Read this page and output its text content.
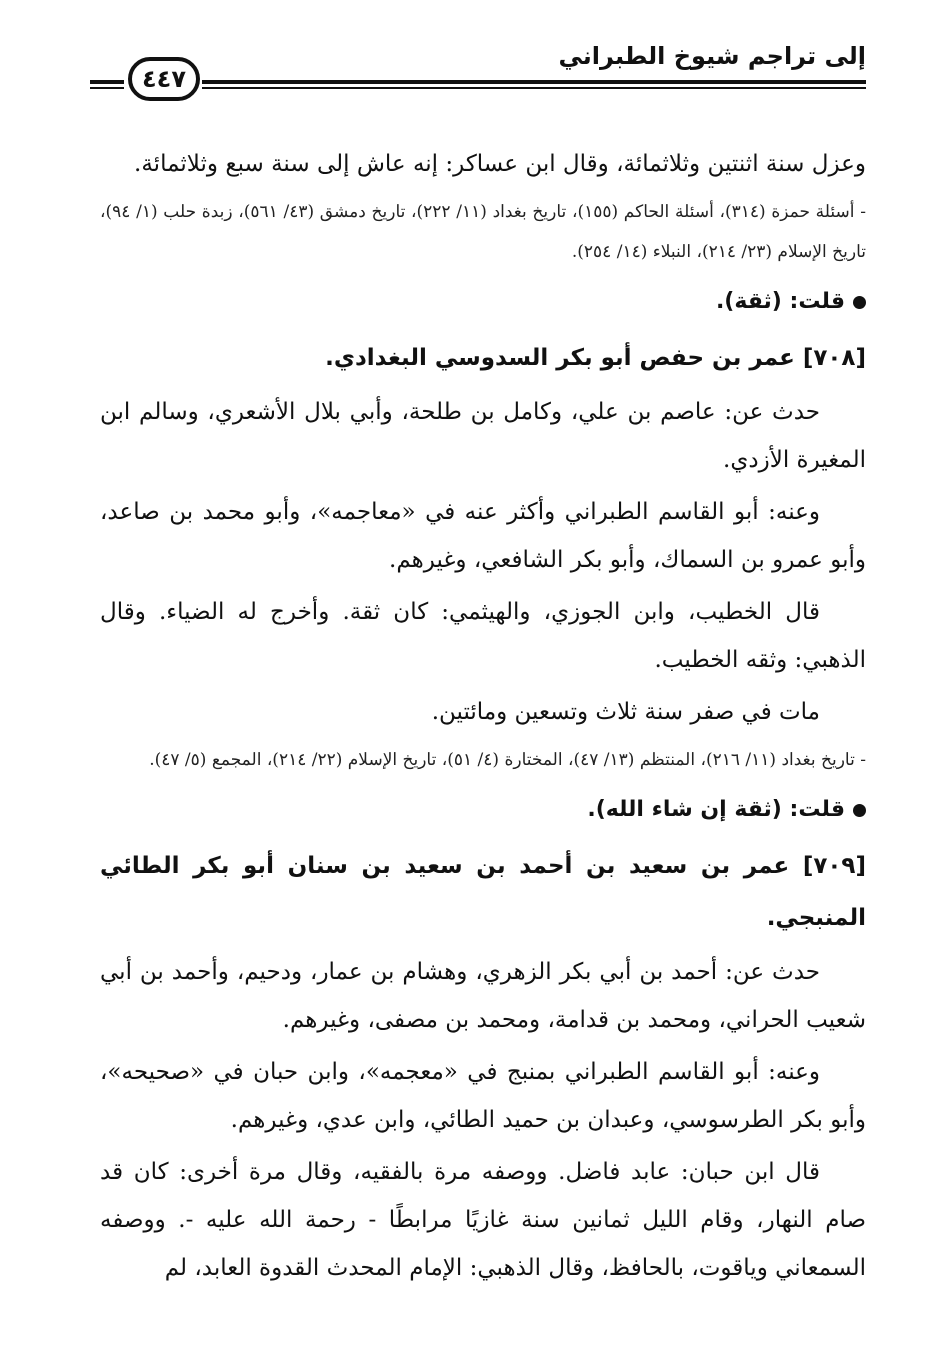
إلى تراجم شيوخ الطبراني
٤٤٧
وعزل سنة اثنتين وثلاثمائة، وقال ابن عساكر: إنه عاش إلى سنة سبع وثلاثمائة.
- أسئلة حمزة (٣١٤)، أسئلة الحاكم (١٥٥)، تاريخ بغداد (١١/ ٢٢٢)، تاريخ دمشق (٤٣/ ٥٦١)، زبدة حلب (١/ ٩٤)، تاريخ الإسلام (٢٣/ ٢١٤)، النبلاء (١٤/ ٢٥٤).
قلت: (ثقة).
[٧٠٨] عمر بن حفص أبو بكر السدوسي البغدادي.
حدث عن: عاصم بن علي، وكامل بن طلحة، وأبي بلال الأشعري، وسالم ابن المغيرة الأزدي.
وعنه: أبو القاسم الطبراني وأكثر عنه في «معاجمه»، وأبو محمد بن صاعد، وأبو عمرو بن السماك، وأبو بكر الشافعي، وغيرهم.
قال الخطيب، وابن الجوزي، والهيثمي: كان ثقة. وأخرج له الضياء. وقال الذهبي: وثقه الخطيب.
مات في صفر سنة ثلاث وتسعين ومائتين.
- تاريخ بغداد (١١/ ٢١٦)، المنتظم (١٣/ ٤٧)، المختارة (٤/ ٥١)، تاريخ الإسلام (٢٢/ ٢١٤)، المجمع (٥/ ٤٧).
قلت: (ثقة إن شاء الله).
[٧٠٩] عمر بن سعيد بن أحمد بن سعيد بن سنان أبو بكر الطائي المنبجي.
حدث عن: أحمد بن أبي بكر الزهري، وهشام بن عمار، ودحيم، وأحمد بن أبي شعيب الحراني، ومحمد بن قدامة، ومحمد بن مصفى، وغيرهم.
وعنه: أبو القاسم الطبراني بمنبج في «معجمه»، وابن حبان في «صحيحه»، وأبو بكر الطرسوسي، وعبدان بن حميد الطائي، وابن عدي، وغيرهم.
قال ابن حبان: عابد فاضل. ووصفه مرة بالفقيه، وقال مرة أخرى: كان قد صام النهار، وقام الليل ثمانين سنة غازيًا مرابطًا - رحمة الله عليه -. ووصفه السمعاني وياقوت، بالحافظ، وقال الذهبي: الإمام المحدث القدوة العابد، لم
